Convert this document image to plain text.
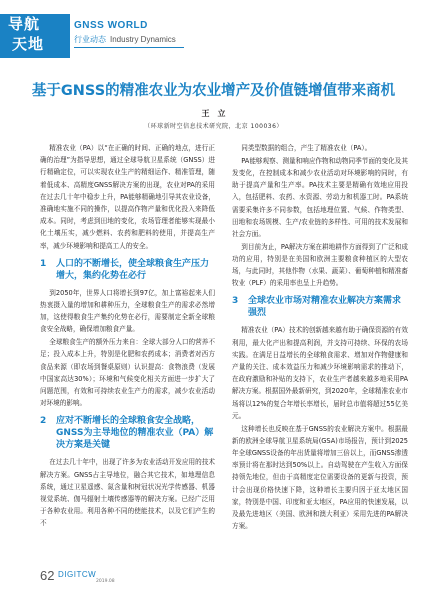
导航
天地
GNSS WORLD
行业动态 Industry Dynamics
基于GNSS的精准农业为农业增产及价值链增值带来商机
王　立
（环球新时空信息技术研究院，北京 100036）

精准农业（PA）以“在正确的时间、正确的地点，进行正确的治理”为指导思想，通过全球导航卫星系统（GNSS）进行精确定位，可以实现农业生产的精细运作、精准管理，随着低成本、高精度GNSS解决方案的出现，农业对PA的采用在过去几十年中稳步上升，PA能够精确地引导其农业设备，准确地实施不同的操作，以提高作物产量和优化投入来降低成本。同时，考虑到田地的变化，农场管理者能够实现最小化土壤压实，减少燃料、农药和肥料的使用，并提高生产率，减少环境影响和提高工人的安全。

1	人口的不断增长，使全球粮食生产压力增大，集约化势在必行

到2050年，世界人口将增长到97亿，加上富裕起来人们热衷摄入量的增加和耕种压力，全球粮食生产的需求必然增加，这使得粮食生产集约化势在必行，需要制定全新全球粮食安全战略，确保增加粮食产量。

全球粮食生产的额外压力来自：全球大部分人口的营养不足；投入成本上升，特别是化肥和农药成本；消费者对西方食品来源（即农场到餐桌原则）认识提高：食物浪费（发展中国家高达30%）；环境和气候变化相关方面进一步扩大了问题范围，有效和可持续农业生产力的需求，减少农业活动对环境的影响。

2	应对不断增长的全球粮食安全战略，GNSS为主导地位的精准农业（PA）解决方案是关键

在过去几十年中，出现了许多为农业活动开发应用的技术解决方案。GNSS占主导地位，融合其它技术，如地理信息系统，通过卫星遥感、氮含量和树冠状况光学传感器、机器视觉系统、伽马辐射土壤传感器等的解决方案。已经广泛用于各种农业用。利用各种不同的使能技术，以及它们产生的不

同类型数据的组合，产生了精准农业（PA）。

PA能够观察、测量和响应作物和动物同季节面的变化及其发变化，在控制成本和减少农业活动对环境影响的同时，有助于提高产量和生产率。PA技术主要是精确有效地应用投入，包括肥料、农药、水资源、劳动力和机器工时。PA系统需要采集许多不同参数，包括地理位置、气候、作物类型、田地和农场规模、生产/农业链的多样性、可用的技术发展和社会方面。

到目前为止，PA解决方案在耕地耕作方面得到了广泛和成功的应用，特别是在美国和欧洲主要粮食种植区的大型农场，与此同时，其他作物（水果、蔬菜）、葡萄种植和精准畜牧业（PLF）的采用率也呈上升趋势。

3	全球农业市场对精准农业解决方案需求强烈

精准农业（PA）技术的创新越来越有助于确保资源的有效利用，最大化产出和提高利润，并支持可持续、环保的农场实践。在满足日益增长的全球粮食需求、增加对作物健康和产量的关注、成本效益压力和减少环境影响需求的推动下，在政府激励和补贴的支持下，农业生产者越来越多地采用PA解决方案。根据国外最新研究，到2020年，全球精准农业市场将以12%的复合年增长率增长，届时总市值将超过55亿美元。

这种增长也反映在基于GNSS的农业解决方案中。根据最新的欧洲全球导航卫星系统局(GSA)市场报告，预计到2025年全球GNSS设备的年出货量将增加三倍以上，而GNSS渗透率预计将在那时达到50%以上。自动驾驶在产生收入方面保持领先地位，但由于高精度定位需要设备的更新与投资，预计会出现价格快速下降，这种增长主要归因于亚太地区国家，特别是中国、印度和亚太地区，PA应用的快速发展，以及最先进地区（美国、欧洲和澳大利亚）采用先进的PA解决方案。

62 DIGITCW
2019.08
